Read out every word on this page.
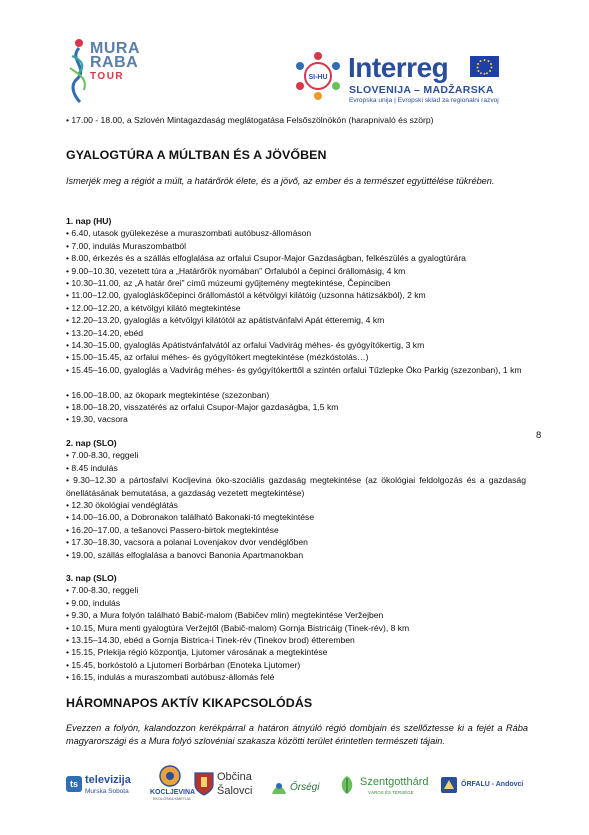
MURA
RABA
TOUR	SI-HU Interreg
SLOVENIJA – MADŽARSKA
Evropska unija | Evropski sklad za regionalni razvoj
• 17.00 - 18.00, a Szlovén Mintagazdaság meglátogatása Felsőszölnökön (harapnivaló és szörp)
GYALOGTÚRA A MÚLTBAN ÉS A JÖVŐBEN
Ismerjék meg a régiót a múlt, a határőrök élete, és a jövő, az ember és a természet együttélése tükrében.
1. nap (HU)
• 6.40, utasok gyülekezése a muraszombati autóbusz-állomáson
• 7.00, indulás Muraszombatból
• 8.00, érkezés és a szállás elfoglalása az orfalui Csupor-Major Gazdaságban, felkészülés a gyalogtúrára
• 9.00–10.30, vezetett túra a „Határőrök nyomában” Orfaluból a čepinci őrállomásig, 4 km
• 10.30–11.00, az „A határ őrei” című múzeumi gyűjtemény megtekintése, Čepinciben
• 11.00–12.00, gyalogláskőčepinci őrállomástól a kétvölgyi kilátóig (uzsonna hátizsákból), 2 km
• 12.00–12.20, a kétvölgyi kilátó megtekintése
• 12.20–13.20, gyaloglás a kétvölgyi kilátótól az apátistvánfalvi Apát étteremig, 4 km
• 13.20–14.20, ebéd
• 14.30–15.00, gyaloglás Apátistvánfalvától az orfalui Vadvirág méhes- és gyógyítókertig, 3 km
• 15.00–15.45, az orfalui méhes- és gyógyítókert megtekintése (mézkóstolás…)
• 15.45–16.00, gyaloglás a Vadvirág méhes- és gyógyítókerttől a szintén orfalui Tűzlepke Öko Parkig (szezonban), 1 km
• 16.00–18.00, az ökopark megtekintése (szezonban)
• 18.00–18.20, visszatérés az orfalui Csupor-Major gazdaságba, 1,5 km
• 19.30, vacsora
8
2. nap (SLO)
• 7.00-8.30, reggeli
• 8.45 indulás
• 9.30–12.30 a pártosfalvi Kocljevina öko-szociális gazdaság megtekintése (az ökológiai feldolgozás és a gazdaság önellátásának bemutatása, a gazdaság vezetett megtekintése)
• 12.30 ökológiai vendéglátás
• 14.00–16.00, a Dobronakon található Bakonaki-tó megtekintése
• 16.20–17.00, a tešanovci Passero-birtok megtekintése
• 17.30–18.30, vacsora a polanai Lovenjakov dvor vendéglőben
• 19.00, szállás elfoglalása a banovci Banonia Apartmanokban
3. nap (SLO)
• 7.00-8.30, reggeli
• 9.00, indulás
• 9.30, a Mura folyón található Babič-malom (Babičev mlin) megtekintése Veržejben
• 10.15, Mura menti gyalogtúra Veržejtől (Babič-malom) Gornja Bistricáig (Tinek-rév), 8 km
• 13.15–14.30, ebéd a Gornja Bistrica-i Tinek-rév (Tinekov brod) étteremben
• 15.15, Prlekija régió központja, Ljutomer városának a megtekintése
• 15.45, borkóstoló a Ljutomeri Borbárban (Enoteka Ljutomer)
• 16.15, indulás a muraszombati autóbusz-állomás felé
HÁROMNAPOS AKTÍV KIKAPCSOLÓDÁS
Evezzen a folyón, kalandozzon kerékpárral a határon átnyúló régió dombjain és szellőztesse ki a fejét a Rába magyarországi és a Mura folyó szlovéniai szakasza közötti terület érintetlen természeti tájain.
ts televizija
Murska Sobota	KOCLJEVINA
EKOLOŠKA KMETIJA
Občina
Šalovci	Őrségi	Szentgotthárd
VÁROS ÉS TÉRSÉGE
ŐRFALU - Andovci
